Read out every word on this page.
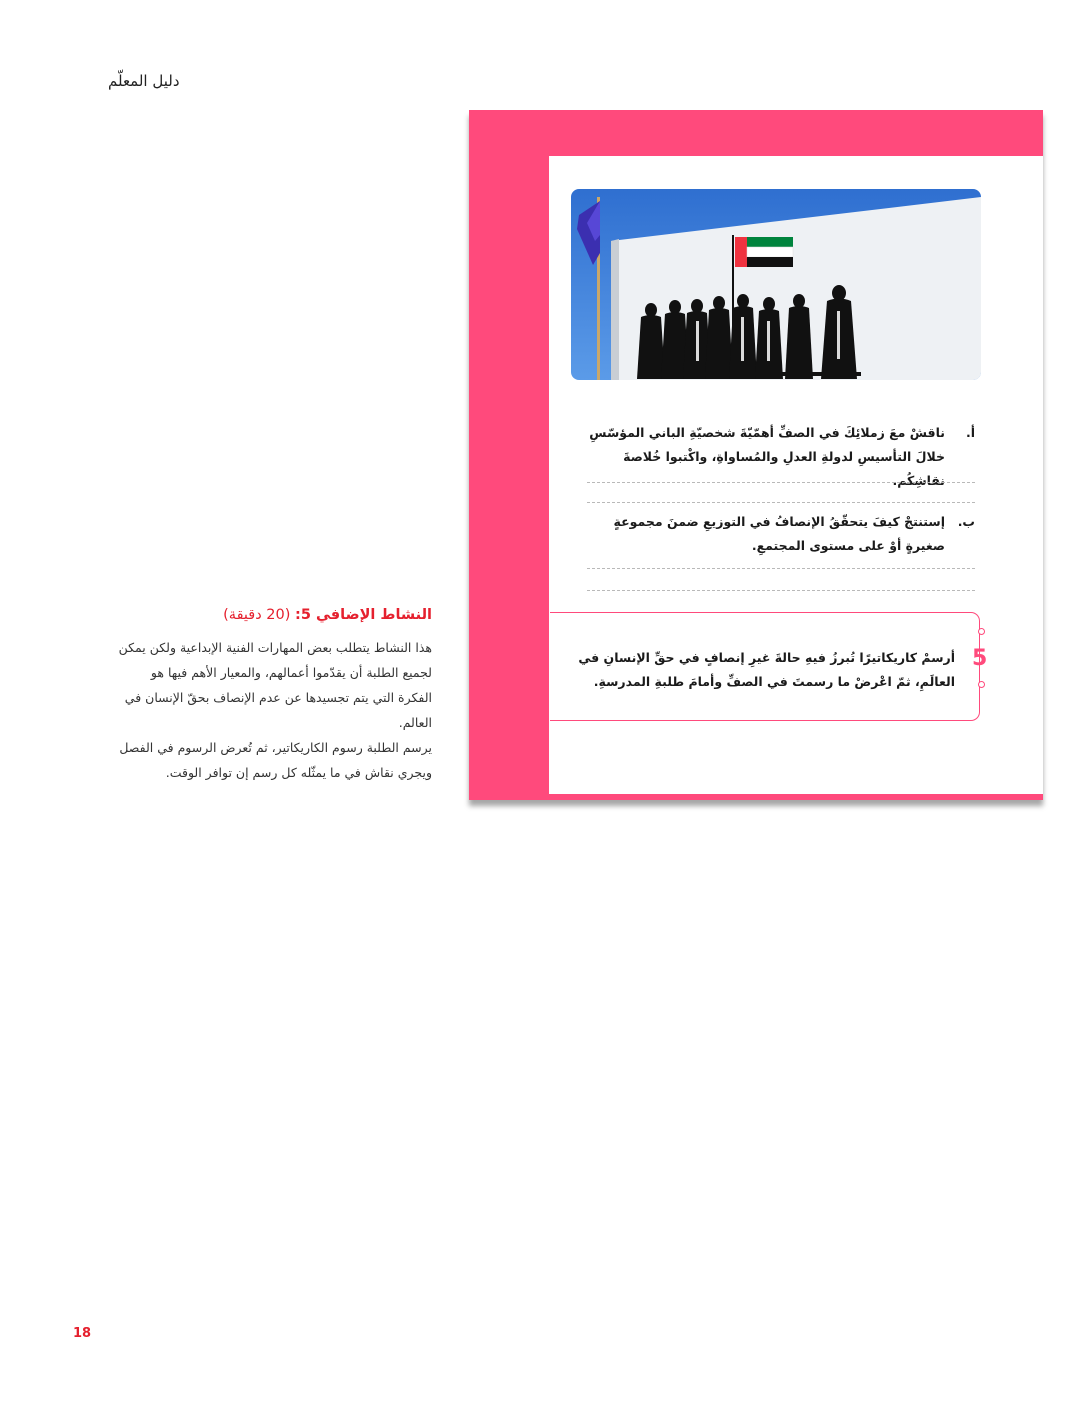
دليل المعلّم
النشاط الإضافي 5: (20 دقيقة)

هذا النشاط يتطلب بعض المهارات الفنية الإبداعية ولكن يمكن لجميع الطلبة أن يقدّموا أعمالهم، والمعيار الأهم فيها هو الفكرة التي يتم تجسيدها عن عدم الإنصاف بحقّ الإنسان في العالم.

يرسم الطلبة رسوم الكاريكاتير، ثم تُعرض الرسوم في الفصل ويجري نقاش في ما يمثّله كل رسم إن توافر الوقت.

أ.
ناقشْ معَ زملائِكَ في الصفِّ أهمّيّةَ شخصيّةِ الباني المؤسّسِ خلالَ التأسيسِ لدولةِ العدلِ والمُساواةِ، واكْتبوا خُلاصةَ نقاشِكُم.
ب.
إستنتجْ كيفَ يتحقّقُ الإنصافُ في التوزيعِ ضمنَ مجموعةٍ صغيرةٍ أوْ على مستوى المجتمعِ.
5
أرسمْ كاريكاتيرًا تُبرزُ فيهِ حالةَ غيرِ إنصافٍ في حقِّ الإنسانِ في العالَمِ، ثمّ اعْرضْ ما رسمتَ في الصفِّ وأمامَ طلبةِ المدرسةِ.
18
